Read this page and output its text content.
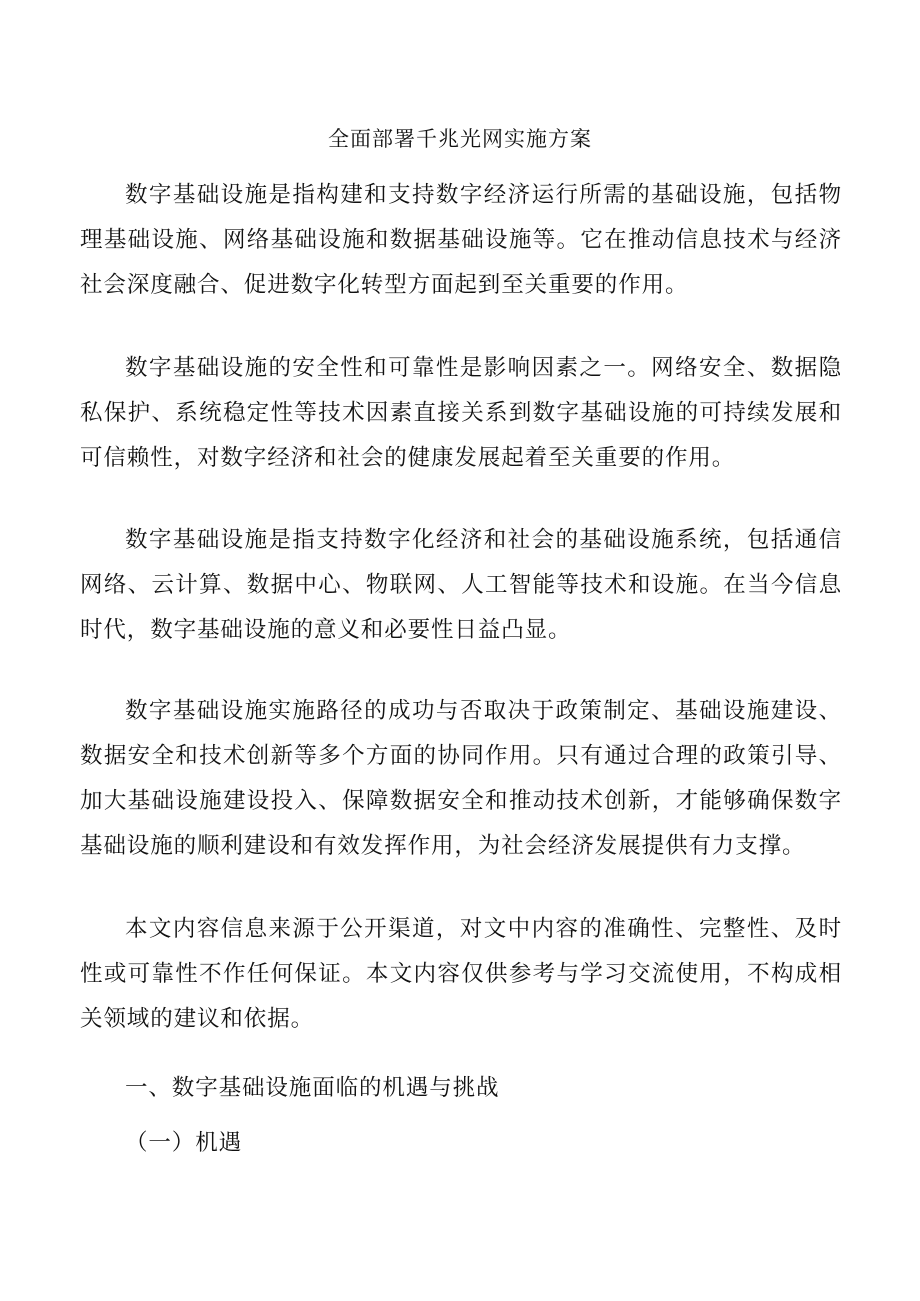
全面部署千兆光网实施方案

数字基础设施是指构建和支持数字经济运行所需的基础设施，包括物理基础设施、网络基础设施和数据基础设施等。它在推动信息技术与经济社会深度融合、促进数字化转型方面起到至关重要的作用。

数字基础设施的安全性和可靠性是影响因素之一。网络安全、数据隐私保护、系统稳定性等技术因素直接关系到数字基础设施的可持续发展和可信赖性，对数字经济和社会的健康发展起着至关重要的作用。

数字基础设施是指支持数字化经济和社会的基础设施系统，包括通信网络、云计算、数据中心、物联网、人工智能等技术和设施。在当今信息时代，数字基础设施的意义和必要性日益凸显。

数字基础设施实施路径的成功与否取决于政策制定、基础设施建设、数据安全和技术创新等多个方面的协同作用。只有通过合理的政策引导、加大基础设施建设投入、保障数据安全和推动技术创新，才能够确保数字基础设施的顺利建设和有效发挥作用，为社会经济发展提供有力支撑。

本文内容信息来源于公开渠道，对文中内容的准确性、完整性、及时性或可靠性不作任何保证。本文内容仅供参考与学习交流使用，不构成相关领域的建议和依据。

一、数字基础设施面临的机遇与挑战
（一）机遇
